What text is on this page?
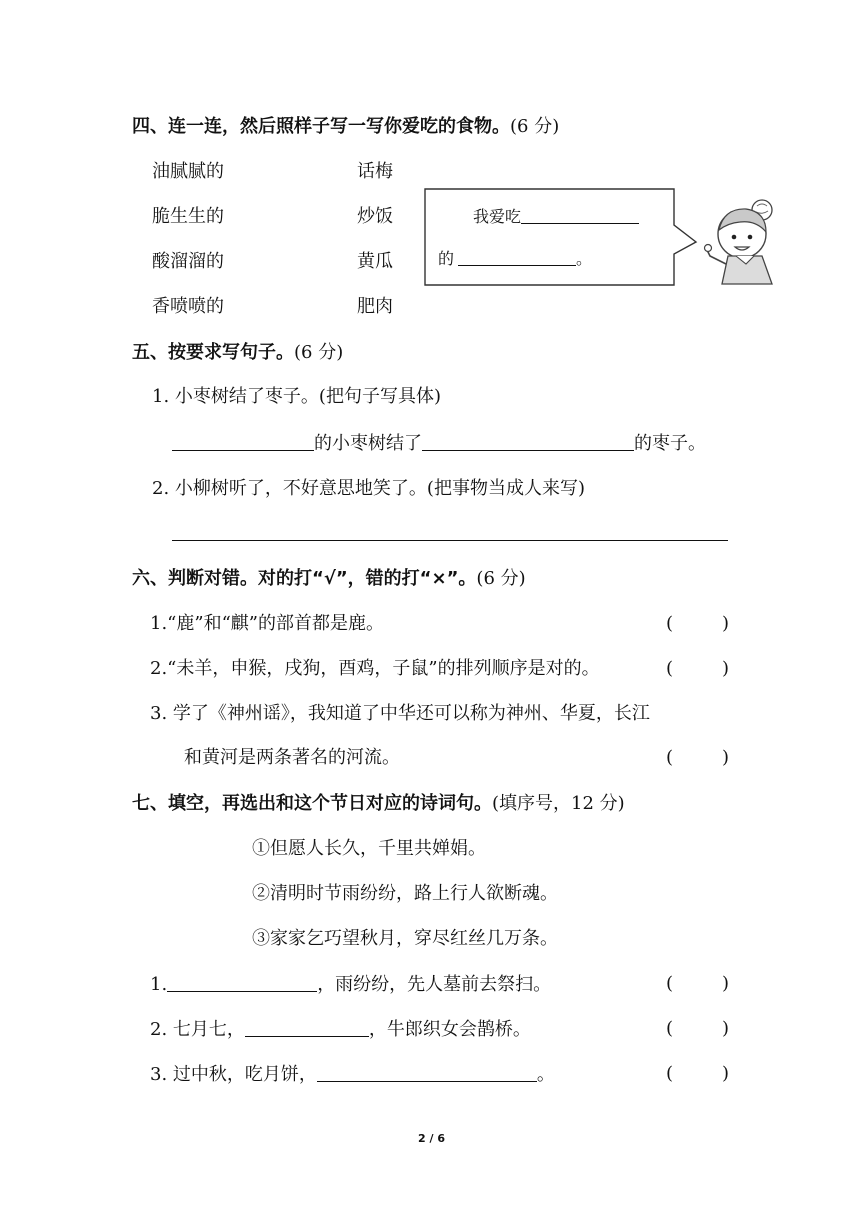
四、连一连，然后照样子写一写你爱吃的食物。(6 分)
油腻腻的
脆生生的
酸溜溜的
香喷喷的
话梅
炒饭
黄瓜
肥肉
我爱吃
的	。
五、按要求写句子。(6 分)
1. 小枣树结了枣子。(把句子写具体)
的小枣树结了	的枣子。
2. 小柳树听了，不好意思地笑了。(把事物当成人来写)
六、判断对错。对的打“√”，错的打“×”。(6 分)
1.“鹿”和“麒”的部首都是鹿。	(	)
2.“未羊，申猴，戌狗，酉鸡，子鼠”的排列顺序是对的。	(	)
3. 学了《神州谣》，我知道了中华还可以称为神州、华夏，长江
和黄河是两条著名的河流。	(	)
七、填空，再选出和这个节日对应的诗词句。(填序号，12 分)
①但愿人长久，千里共婵娟。
②清明时节雨纷纷，路上行人欲断魂。
③家家乞巧望秋月，穿尽红丝几万条。
1.	，雨纷纷，先人墓前去祭扫。	(	)
2. 七月七，	，牛郎织女会鹊桥。	(	)
3. 过中秋，吃月饼，	。	(	)
2 / 6
